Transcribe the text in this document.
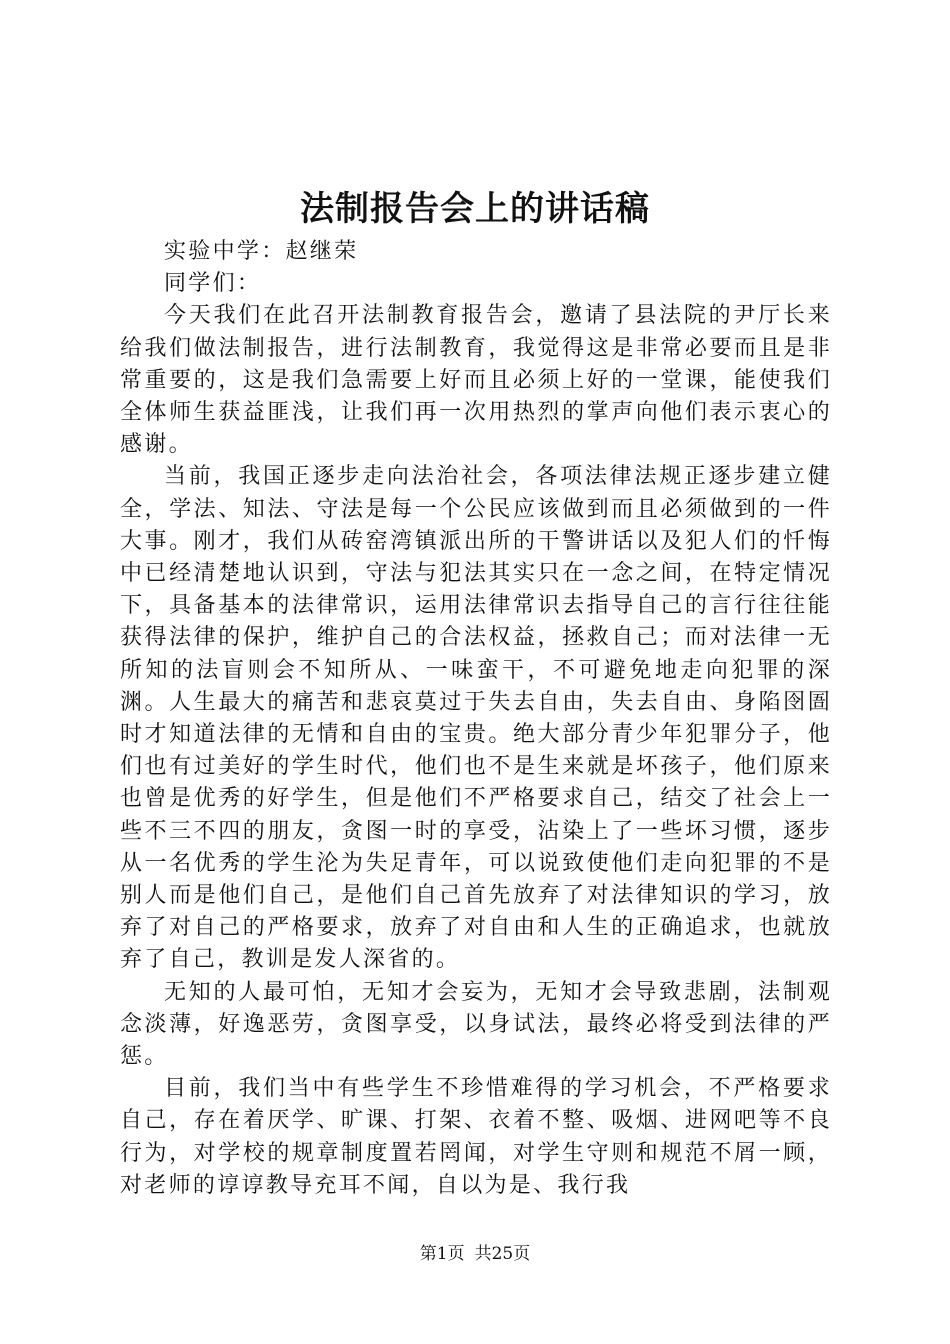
法制报告会上的讲话稿

实验中学：赵继荣

同学们：

今天我们在此召开法制教育报告会，邀请了县法院的尹厅长来给我们做法制报告，进行法制教育，我觉得这是非常必要而且是非常重要的，这是我们急需要上好而且必须上好的一堂课，能使我们全体师生获益匪浅，让我们再一次用热烈的掌声向他们表示衷心的感谢。

当前，我国正逐步走向法治社会，各项法律法规正逐步建立健全，学法、知法、守法是每一个公民应该做到而且必须做到的一件大事。刚才，我们从砖窑湾镇派出所的干警讲话以及犯人们的忏悔中已经清楚地认识到，守法与犯法其实只在一念之间，在特定情况下，具备基本的法律常识，运用法律常识去指导自己的言行往往能获得法律的保护，维护自己的合法权益，拯救自己；而对法律一无所知的法盲则会不知所从、一味蛮干，不可避免地走向犯罪的深渊。人生最大的痛苦和悲哀莫过于失去自由，失去自由、身陷囹圄时才知道法律的无情和自由的宝贵。绝大部分青少年犯罪分子，他们也有过美好的学生时代，他们也不是生来就是坏孩子，他们原来也曾是优秀的好学生，但是他们不严格要求自己，结交了社会上一些不三不四的朋友，贪图一时的享受，沾染上了一些坏习惯，逐步从一名优秀的学生沦为失足青年，可以说致使他们走向犯罪的不是别人而是他们自己，是他们自己首先放弃了对法律知识的学习，放弃了对自己的严格要求，放弃了对自由和人生的正确追求，也就放弃了自己，教训是发人深省的。

无知的人最可怕，无知才会妄为，无知才会导致悲剧，法制观念淡薄，好逸恶劳，贪图享受，以身试法，最终必将受到法律的严惩。

目前，我们当中有些学生不珍惜难得的学习机会，不严格要求自己，存在着厌学、旷课、打架、衣着不整、吸烟、进网吧等不良行为，对学校的规章制度置若罔闻，对学生守则和规范不屑一顾，对老师的谆谆教导充耳不闻，自以为是、我行我

第1页 共25页
